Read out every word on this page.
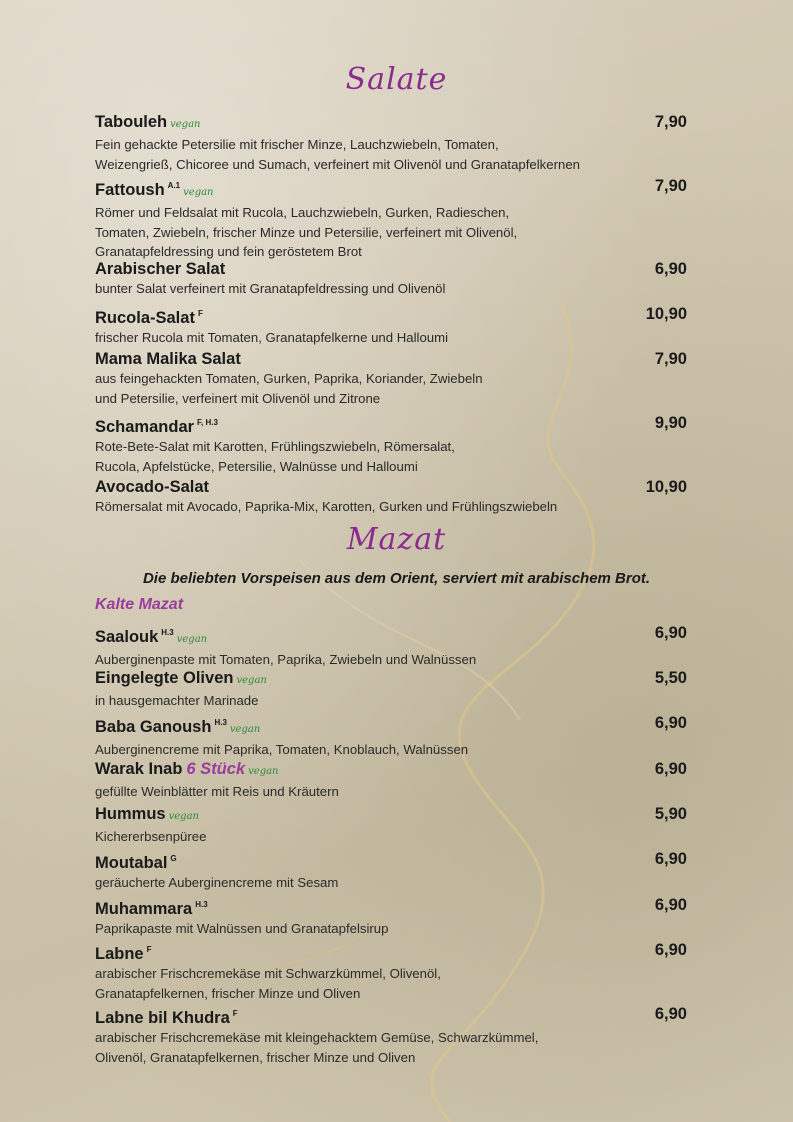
Salate
Tabouleh vegan	7,90
Fein gehackte Petersilie mit frischer Minze, Lauchzwiebeln, Tomaten,
Weizengrieß, Chicoree und Sumach, verfeinert mit Olivenöl und Granatapfelkernen
Fattoush $^{A.1}$vegan	7,90
Römer und Feldsalat mit Rucola, Lauchzwiebeln, Gurken, Radieschen,
Tomaten, Zwiebeln, frischer Minze und Petersilie, verfeinert mit Olivenöl,
Granatapfeldressing und fein geröstetem Brot
Arabischer Salat	6,90
bunter Salat verfeinert mit Granatapfeldressing und Olivenöl
Rucola-Salat $^F$	10,90
frischer Rucola mit Tomaten, Granatapfelkerne und Halloumi
Mama Malika Salat	7,90
aus feingehackten Tomaten, Gurken, Paprika, Koriander, Zwiebeln
und Petersilie, verfeinert mit Olivenöl und Zitrone
Schamandar $^{F, H.3}$	9,90
Rote-Bete-Salat mit Karotten, Frühlingszwiebeln, Römersalat,
Rucola, Apfelstücke, Petersilie, Walnüsse und Halloumi
Avocado-Salat	10,90
Römersalat mit Avocado, Paprika-Mix, Karotten, Gurken und Frühlingszwiebeln
Mazat
Die beliebten Vorspeisen aus dem Orient, serviert mit arabischem Brot.
Kalte Mazat
Saalouk $^{H.3}$vegan	6,90
Auberginenpaste mit Tomaten, Paprika, Zwiebeln und Walnüssen
Eingelegte Oliven vegan	5,50
in hausgemachter Marinade
Baba Ganoush $^{H.3}$vegan	6,90
Auberginencreme mit Paprika, Tomaten, Knoblauch, Walnüssen
Warak Inab 6 Stück vegan	6,90
gefüllte Weinblätter mit Reis und Kräutern
Hummus vegan	5,90
Kichererbsenpüree
Moutabal $^G$	6,90
geräucherte Auberginencreme mit Sesam
Muhammara $^{H.3}$	6,90
Paprikapaste mit Walnüssen und Granatapfelsirup
Labne $^F$	6,90
arabischer Frischcremekäse mit Schwarzkümmel, Olivenöl,
Granatapfelkernen, frischer Minze und Oliven
Labne bil Khudra $^F$	6,90
arabischer Frischcremekäse mit kleingehacktem Gemüse, Schwarzkümmel,
Olivenöl, Granatapfelkernen, frischer Minze und Oliven
